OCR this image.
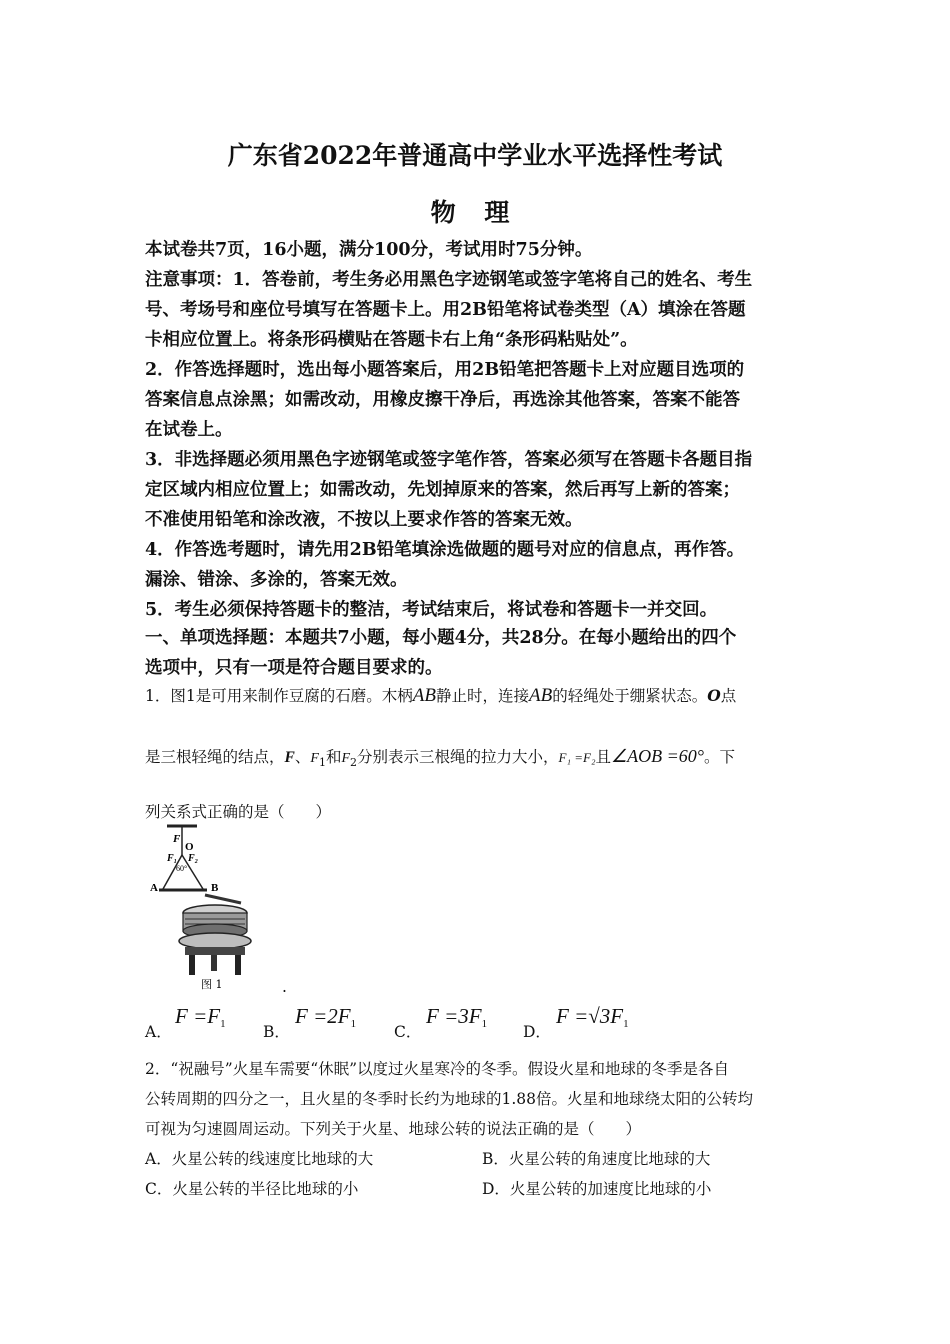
广东省2022年普通高中学业水平选择性考试
物 理
本试卷共7页，16小题，满分100分，考试用时75分钟。
注意事项：1．答卷前，考生务必用黑色字迹钢笔或签字笔将自己的姓名、考生
号、考场号和座位号填写在答题卡上。用2B铅笔将试卷类型（A）填涂在答题
卡相应位置上。将条形码横贴在答题卡右上角“条形码粘贴处”。
2．作答选择题时，选出每小题答案后，用2B铅笔把答题卡上对应题目选项的
答案信息点涂黑；如需改动，用橡皮擦干净后，再选涂其他答案，答案不能答
在试卷上。
3．非选择题必须用黑色字迹钢笔或签字笔作答，答案必须写在答题卡各题目指
定区域内相应位置上；如需改动，先划掉原来的答案，然后再写上新的答案；
不准使用铅笔和涂改液，不按以上要求作答的答案无效。
4．作答选考题时，请先用2B铅笔填涂选做题的题号对应的信息点，再作答。
漏涂、错涂、多涂的，答案无效。
5．考生必须保持答题卡的整洁，考试结束后，将试卷和答题卡一并交回。
一、单项选择题：本题共7小题，每小题4分，共28分。在每小题给出的四个
选项中，只有一项是符合题目要求的。
1．图1是可用来制作豆腐的石磨。木柄AB静止时，连接AB的轻绳处于绷紧状态。O点
是三根轻绳的结点，F、$F_1$和$F_2$分别表示三根绳的拉力大小，F₁ =F₂且∠AOB =60°。下
列关系式正确的是（　　）
F
O
F₁ F₂
60°
A	B
图 1	.
A．
$F =F_1$ B．
$F =2F_1$ C．
$F =3F_1$ D．
$F =√3F_1$
2．“祝融号”火星车需要“休眠”以度过火星寒冷的冬季。假设火星和地球的冬季是各自
公转周期的四分之一，且火星的冬季时长约为地球的1.88倍。火星和地球绕太阳的公转均
可视为匀速圆周运动。下列关于火星、地球公转的说法正确的是（　　）
A．火星公转的线速度比地球的大	B．火星公转的角速度比地球的大
C．火星公转的半径比地球的小	D．火星公转的加速度比地球的小
